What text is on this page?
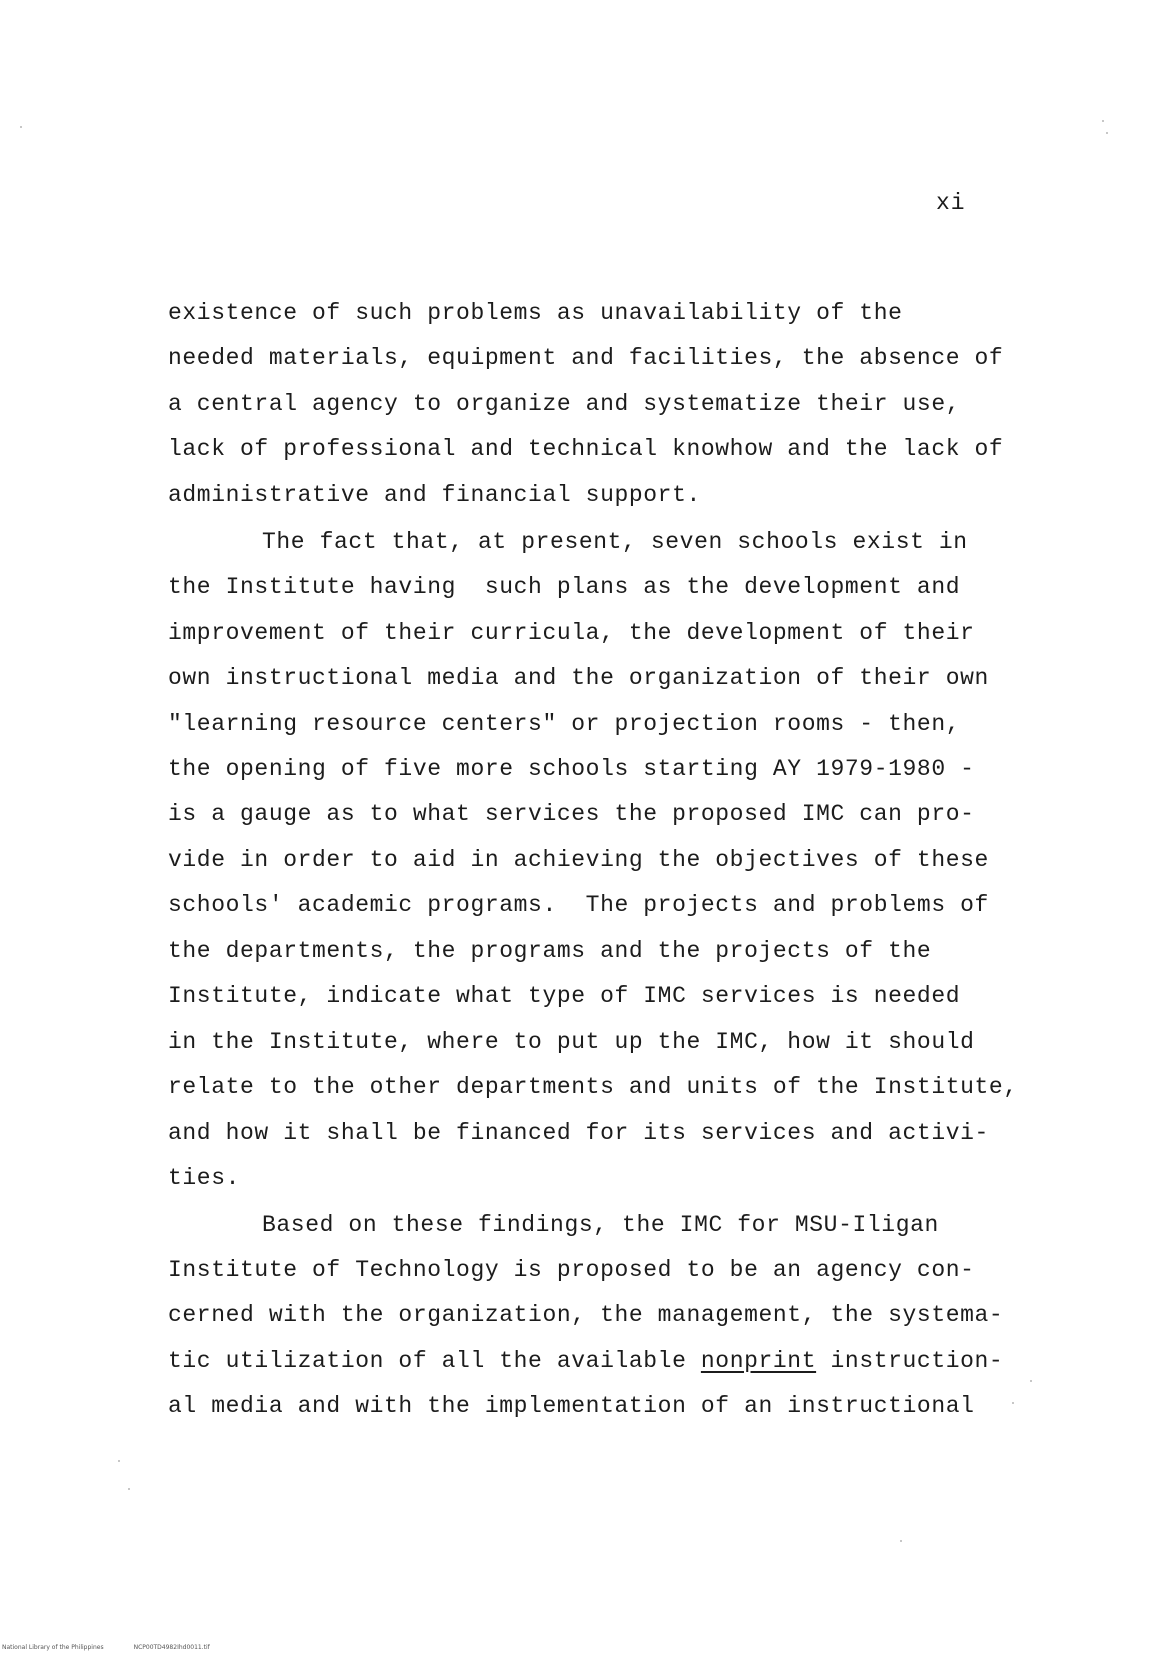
xi
existence of such problems as unavailability of the
needed materials, equipment and facilities, the absence of
a central agency to organize and systematize their use,
lack of professional and technical knowhow and the lack of
administrative and financial support.
The fact that, at present, seven schools exist in
the Institute having  such plans as the development and
improvement of their curricula, the development of their
own instructional media and the organization of their own
"learning resource centers" or projection rooms - then,
the opening of five more schools starting AY 1979-1980 -
is a gauge as to what services the proposed IMC can pro-
vide in order to aid in achieving the objectives of these
schools' academic programs.  The projects and problems of
the departments, the programs and the projects of the
Institute, indicate what type of IMC services is needed
in the Institute, where to put up the IMC, how it should
relate to the other departments and units of the Institute,
and how it shall be financed for its services and activi-
ties.
Based on these findings, the IMC for MSU-Iligan
Institute of Technology is proposed to be an agency con-
cerned with the organization, the management, the systema-
tic utilization of all the available nonprint instruction-
al media and with the implementation of an instructional
National Library of the Philippines	NCP00TD4982Ihd0011.tif
